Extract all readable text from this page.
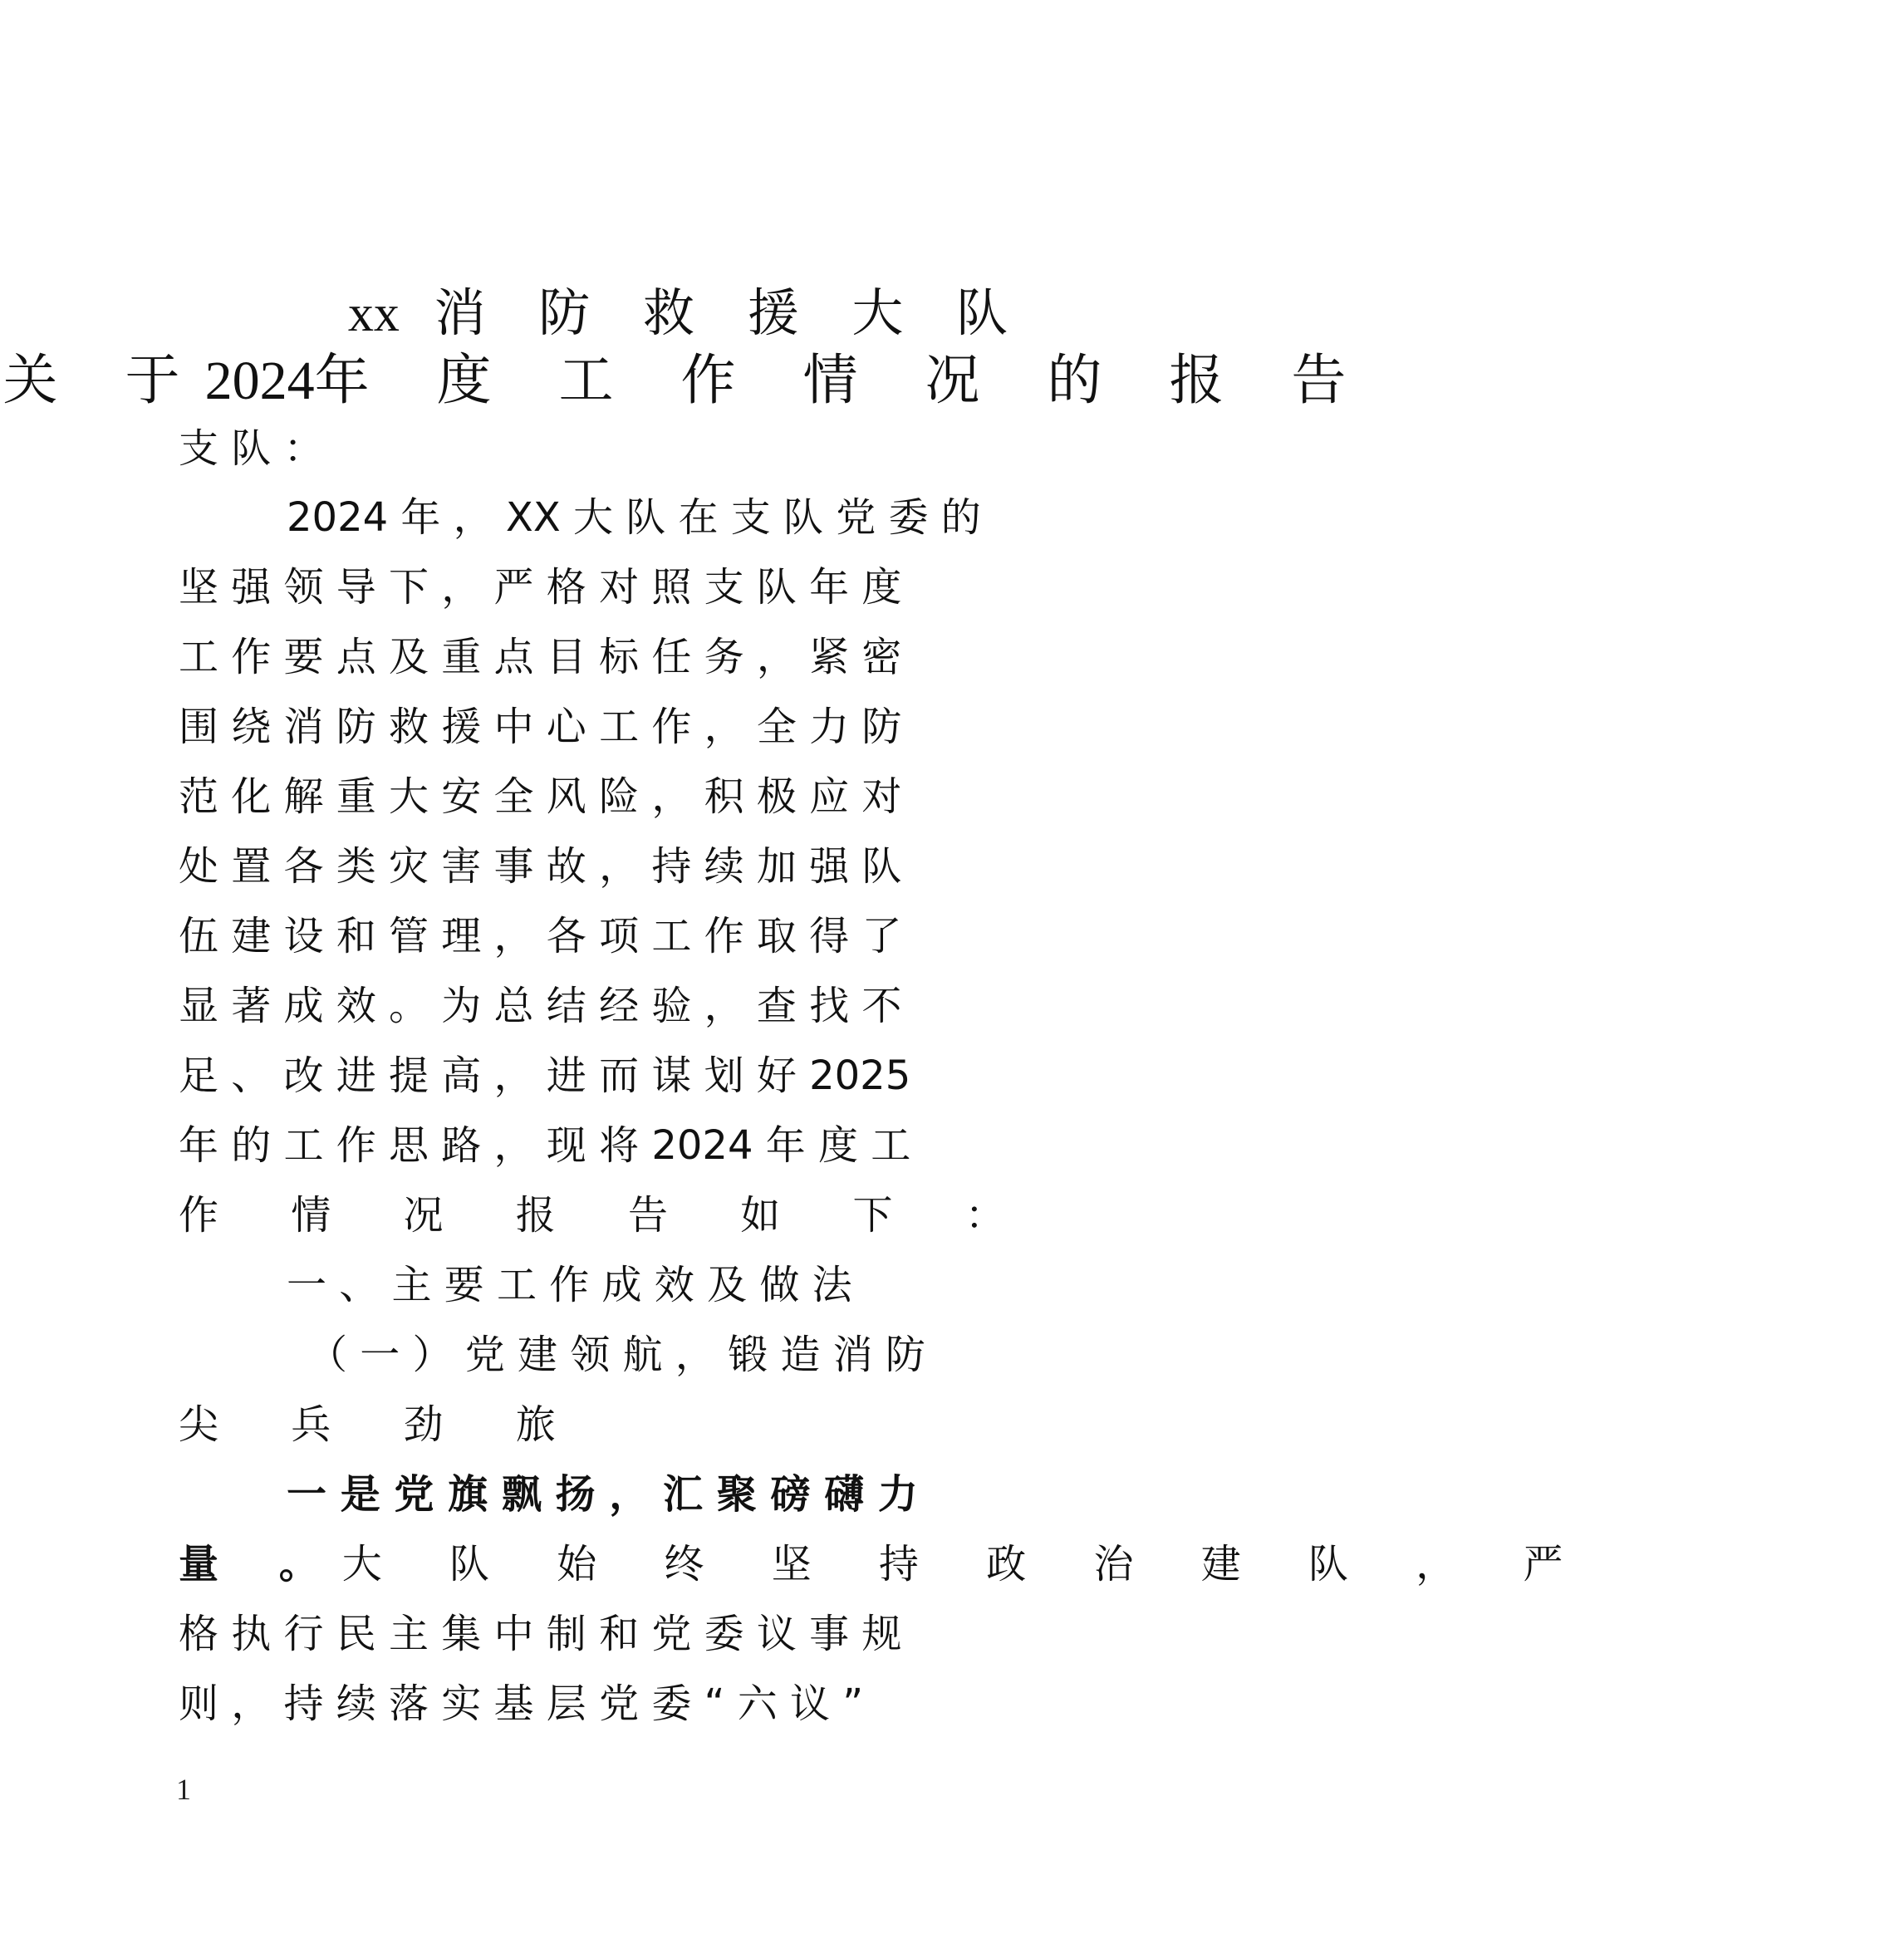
xx 消 防 救 援 大 队
关 于2024年 度 工 作 情 况 的 报 告
支 队 ：
2024 年 ， XX 大 队 在 支 队 党 委 的
坚 强 领 导 下 ， 严 格 对 照 支 队 年 度
工 作 要 点 及 重 点 目 标 任 务 ， 紧 密
围 绕 消 防 救 援 中 心 工 作 ， 全 力 防
范 化 解 重 大 安 全 风 险 ， 积 极 应 对
处 置 各 类 灾 害 事 故 ， 持 续 加 强 队
伍 建 设 和 管 理 ， 各 项 工 作 取 得 了
显 著 成 效 。 为 总 结 经 验 ， 查 找 不
足 、 改 进 提 高 ， 进 而 谋 划 好 2025
年 的 工 作 思 路 ， 现 将 2024 年 度 工
作 情 况 报 告 如 下 ：
一 、 主 要 工 作 成 效 及 做 法
（ 一 ） 党 建 领 航 ， 锻 造 消 防
尖 兵 劲 旅
一 是 党 旗 飘 扬 ， 汇 聚 磅 礴 力
量 。大 队 始 终 坚 持 政 治 建 队 ， 严
格 执 行 民 主 集 中 制 和 党 委 议 事 规
则 ， 持 续 落 实 基 层 党 委 “ 六 议 ”
1
